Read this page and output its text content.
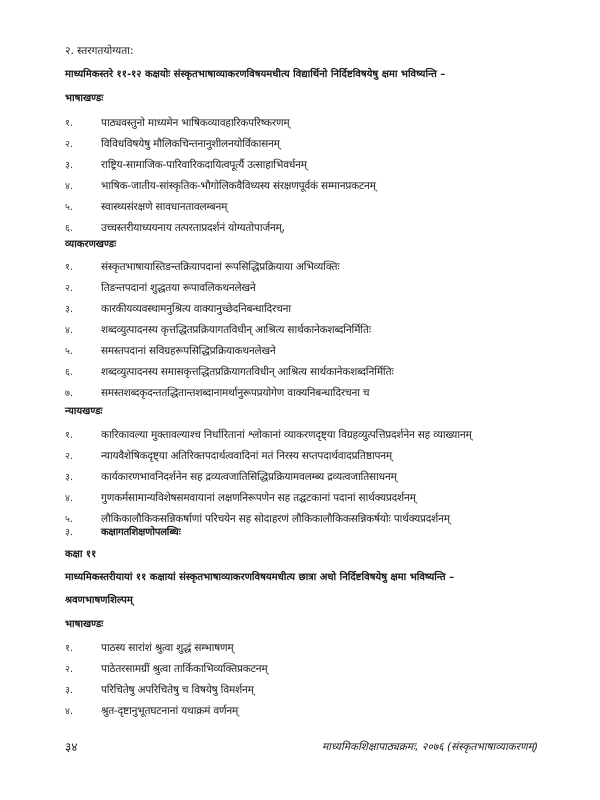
२. स्तरगतयोग्यता:
माध्यमिकस्तरे ११-१२ कक्षयोः संस्कृतभाषाव्याकरणविषयमधीत्य विद्यार्थिनो निर्दिष्टविषयेषु क्षमा भविष्यन्ति –
भाषाखण्डः
१.	पाठ्यवस्तुनो माध्यमेन भाषिकव्यावहारिकपरिष्करणम्
२.	विविधविषयेषु मौलिकचिन्तनानुशीलनयोर्विकासनम्
३.	राष्ट्रिय-सामाजिक-पारिवारिकदायित्वपूर्त्यै उत्साहाभिवर्धनम्
४.	भाषिक-जातीय-सांस्कृतिक-भौगोलिकवैविध्यस्य संरक्षणपूर्वकं सम्मानप्रकटनम्
५.	स्वास्थ्यसंरक्षणे सावधानतावलम्बनम्
६.	उच्चस्तरीयाध्ययनाय तत्परताप्रदर्शनं योग्यतोपार्जनम्,
व्याकरणखण्डः
१.	संस्कृतभाषायास्तिङन्तक्रियापदानां रूपसिद्धिप्रक्रियाया अभिव्यक्तिः
२.	तिङन्तपदानां शुद्धतया रूपावलिकथनलेखने
३.	कारकीयव्यवस्थामनुश्रित्य वाक्यानुच्छेदनिबन्धादिरचना
४.	शब्दव्युत्पादनस्य कृत्तद्धितप्रक्रियागतविधीन् आश्रित्य सार्थकानेकशब्दनिर्मितिः
५.	समस्तपदानां सविग्रहरूपसिद्धिप्रक्रियाकथनलेखने
६.	शब्दव्युत्पादनस्य समासकृत्तद्धितप्रक्रियागतविधीन् आश्रित्य सार्थकानेकशब्दनिर्मितिः
७.	समस्तशब्दकृदन्ततद्धितान्तशब्दानामर्थानुरूपप्रयोगेण वाक्यनिबन्धादिरचना च
न्यायखण्डः
१.	कारिकावल्या मुक्तावल्याश्च निर्धारितानां श्लोकानां व्याकरणदृष्ट्या विग्रहव्युत्पत्तिप्रदर्शनेन सह व्याख्यानम्
२.	न्यायवैशेषिकदृष्ट्या अतिरिक्तपदार्थत्ववादिनां मतं निरस्य सप्तपदार्थवादप्रतिष्ठापनम्
३.	कार्यकारणभावनिदर्शनेन सह द्रव्यत्वजातिसिद्धिप्रक्रियामवलम्ब्य द्रव्यत्वजातिसाधनम्
४.	गुणकर्मसामान्यविशेषसमवायानां लक्षणनिरूपणेन सह तद्घटकानां पदानां सार्थक्यप्रदर्शनम्
५.	लौकिकालौकिकसन्निकर्षाणां परिचयेन सह सोदाहरणं लौकिकालौकिकसन्निकर्षयोः पार्थक्यप्रदर्शनम्
३.	कक्षागतशिक्षणोपलब्धिः
कक्षा ११
माध्यमिकस्तरीयायां ११ कक्षायां संस्कृतभाषाव्याकरणविषयमधीत्य छात्रा अधो निर्दिष्टविषयेषु क्षमा भविष्यन्ति –
श्रवणभाषणशिल्पम्
भाषाखण्डः
१.	पाठस्य सारांशं श्रुत्वा शुद्धं सम्भाषणम्
२.	पाठेतरसामग्रीं श्रुत्वा तार्किकाभिव्यक्तिप्रकटनम्
३.	परिचितेषु अपरिचितेषु च विषयेषु विमर्शनम्
४.	श्रुत-दृष्टानुभूतघटनानां यथाक्रमं वर्णनम्
३४	माध्यमिकशिक्षापाठ्यक्रमः, २०७६ (संस्कृतभाषाव्याकरणम्)
